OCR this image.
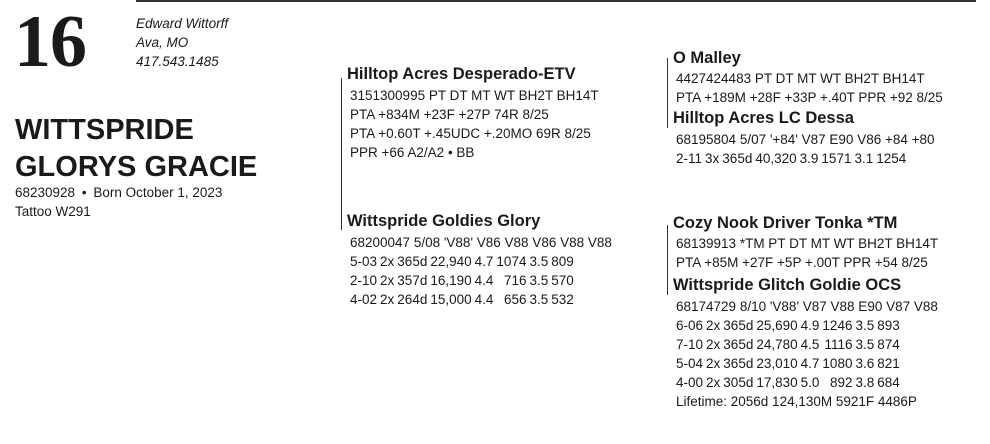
16	Edward Wittorff
Ava, MO
417.543.1485
WITTSPRIDE
GLORYS GRACIE
68230928 • Born October 1, 2023
Tattoo W291
Hilltop Acres Desperado-ETV
3151300995 PT DT MT WT BH2T BH14T
PTA +834M +23F +27P 74R 8/25
PTA +0.60T +.45UDC +.20MO 69R 8/25
PPR +66 A2/A2 • BB
Wittspride Goldies Glory
68200047 5/08 'V88' V86 V88 V86 V88 V88
5-03	2x	365d	22,940	4.7	1074	3.5	809
2-10	2x	357d	16,190	4.4	716	3.5	570
4-02	2x	264d	15,000	4.4	656	3.5	532
O Malley
4427424483 PT DT MT WT BH2T BH14T
PTA +189M +28F +33P +.40T PPR +92 8/25
Hilltop Acres LC Dessa
68195804 5/07 '+84' V87 E90 V86 +84 +80
2-11	3x	365d	40,320	3.9	1571	3.1	1254
Cozy Nook Driver Tonka *TM
68139913 *TM PT DT MT WT BH2T BH14T
PTA +85M +27F +5P +.00T PPR +54 8/25
Wittspride Glitch Goldie OCS
68174729 8/10 'V88' V87 V88 E90 V87 V88
6-06	2x	365d	25,690	4.9	1246	3.5	893
7-10	2x	365d	24,780	4.5	1116	3.5	874
5-04	2x	365d	23,010	4.7	1080	3.6	821
4-00	2x	305d	17,830	5.0	892	3.8	684
Lifetime: 2056d 124,130M 5921F 4486P
